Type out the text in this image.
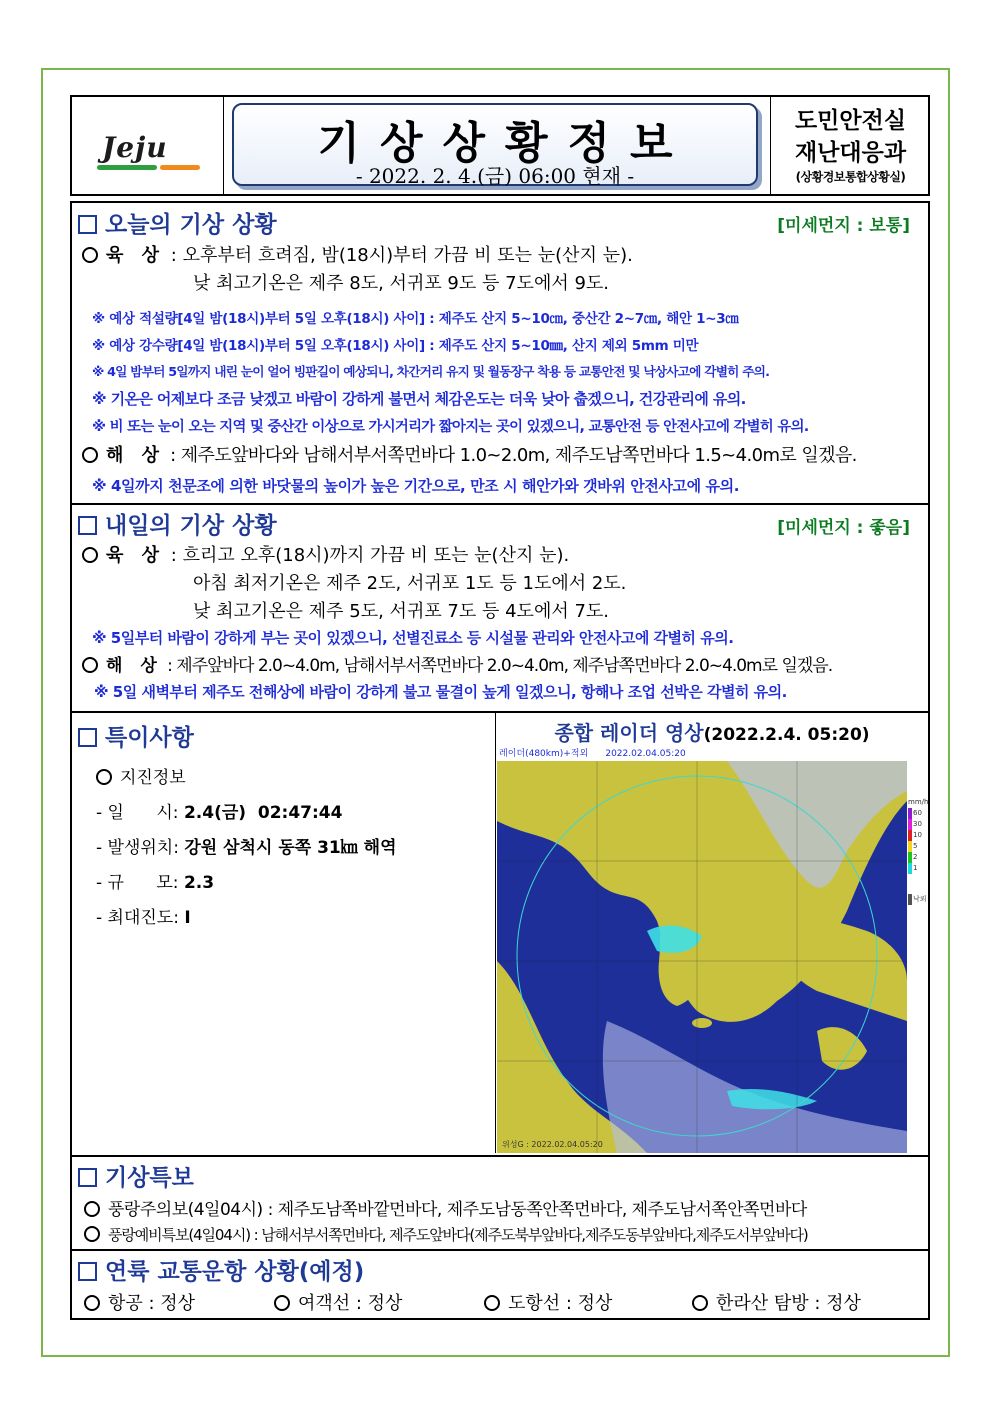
Jeju	기상상황정보
- 2022. 2. 4.(금) 06:00 현재 -
도민안전실
재난대응과
(상황경보통합상황실)
오늘의 기상 상황	[미세먼지 : 보통]
육 상 : 오후부터 흐려짐, 밤(18시)부터 가끔 비 또는 눈(산지 눈).
낮 최고기온은 제주 8도, 서귀포 9도 등 7도에서 9도.
※ 예상 적설량[4일 밤(18시)부터 5일 오후(18시) 사이] : 제주도 산지 5~10㎝, 중산간 2~7㎝, 해안 1~3㎝
※ 예상 강수량[4일 밤(18시)부터 5일 오후(18시) 사이] : 제주도 산지 5~10㎜, 산지 제외 5mm 미만
※ 4일 밤부터 5일까지 내린 눈이 얼어 빙판길이 예상되니, 차간거리 유지 및 월동장구 착용 등 교통안전 및 낙상사고에 각별히 주의.
※ 기온은 어제보다 조금 낮겠고 바람이 강하게 불면서 체감온도는 더욱 낮아 춥겠으니, 건강관리에 유의.
※ 비 또는 눈이 오는 지역 및 중산간 이상으로 가시거리가 짧아지는 곳이 있겠으니, 교통안전 등 안전사고에 각별히 유의.
해 상 : 제주도앞바다와 남해서부서쪽먼바다 1.0~2.0m, 제주도남쪽먼바다 1.5~4.0m로 일겠음.
※ 4일까지 천문조에 의한 바닷물의 높이가 높은 기간으로, 만조 시 해안가와 갯바위 안전사고에 유의.
내일의 기상 상황	[미세먼지 : 좋음]
육 상 : 흐리고 오후(18시)까지 가끔 비 또는 눈(산지 눈).
아침 최저기온은 제주 2도, 서귀포 1도 등 1도에서 2도.
낮 최고기온은 제주 5도, 서귀포 7도 등 4도에서 7도.
※ 5일부터 바람이 강하게 부는 곳이 있겠으니, 선별진료소 등 시설물 관리와 안전사고에 각별히 유의.
해 상 : 제주앞바다 2.0~4.0m, 남해서부서쪽먼바다 2.0~4.0m, 제주남쪽먼바다 2.0~4.0m로 일겠음.
※ 5일 새벽부터 제주도 전해상에 바람이 강하게 불고 물결이 높게 일겠으니, 항해나 조업 선박은 각별히 유의.
특이사항
지진정보
- 일      시: 2.4(금)  02:47:44
- 발생위치: 강원 삼척시 동쪽 31㎞ 해역
- 규      모: 2.3
- 최대진도: Ⅰ
종합 레이더 영상(2022.2.4. 05:20)
레이더(480km)+적외      2022.02.04.05:20
위성G : 2022.02.04.05:20
mm/h
60
30
10
5
2
1
낙뢰
기상특보
풍랑주의보(4일04시) : 제주도남쪽바깥먼바다, 제주도남동쪽안쪽먼바다, 제주도남서쪽안쪽먼바다
풍랑예비특보(4일04시) : 남해서부서쪽먼바다, 제주도앞바다(제주도북부앞바다,제주도동부앞바다,제주도서부앞바다)
연륙 교통운항 상황(예정)
항공 : 정상	여객선 : 정상	도항선 : 정상	한라산 탐방 : 정상
